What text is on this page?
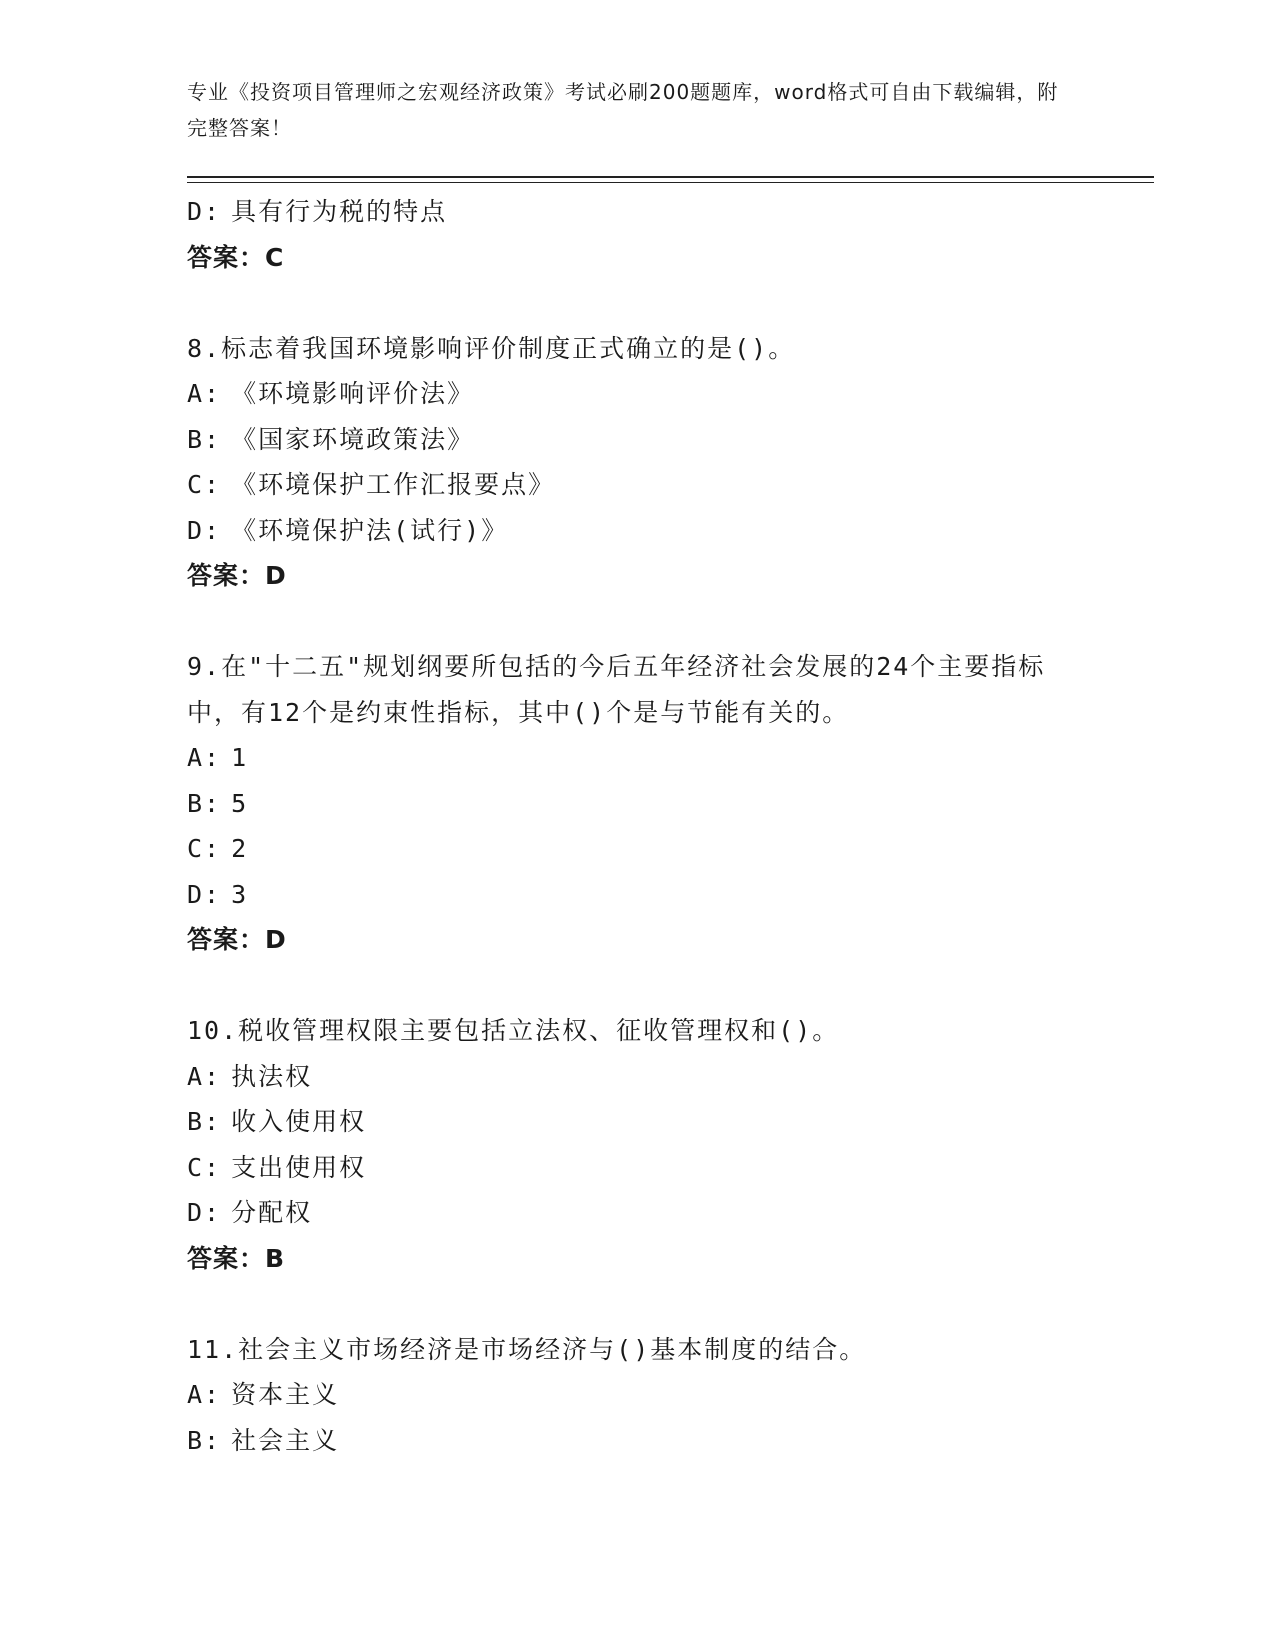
专业《投资项目管理师之宏观经济政策》考试必刷200题题库，word格式可自由下载编辑，附完整答案！
D: 具有行为税的特点
答案：C
8.标志着我国环境影响评价制度正式确立的是()。
A: 《环境影响评价法》
B: 《国家环境政策法》
C: 《环境保护工作汇报要点》
D: 《环境保护法(试行)》
答案：D
9.在"十二五"规划纲要所包括的今后五年经济社会发展的24个主要指标中，有12个是约束性指标，其中()个是与节能有关的。
A: 1
B: 5
C: 2
D: 3
答案：D
10.税收管理权限主要包括立法权、征收管理权和()。
A: 执法权
B: 收入使用权
C: 支出使用权
D: 分配权
答案：B
11.社会主义市场经济是市场经济与()基本制度的结合。
A: 资本主义
B: 社会主义
